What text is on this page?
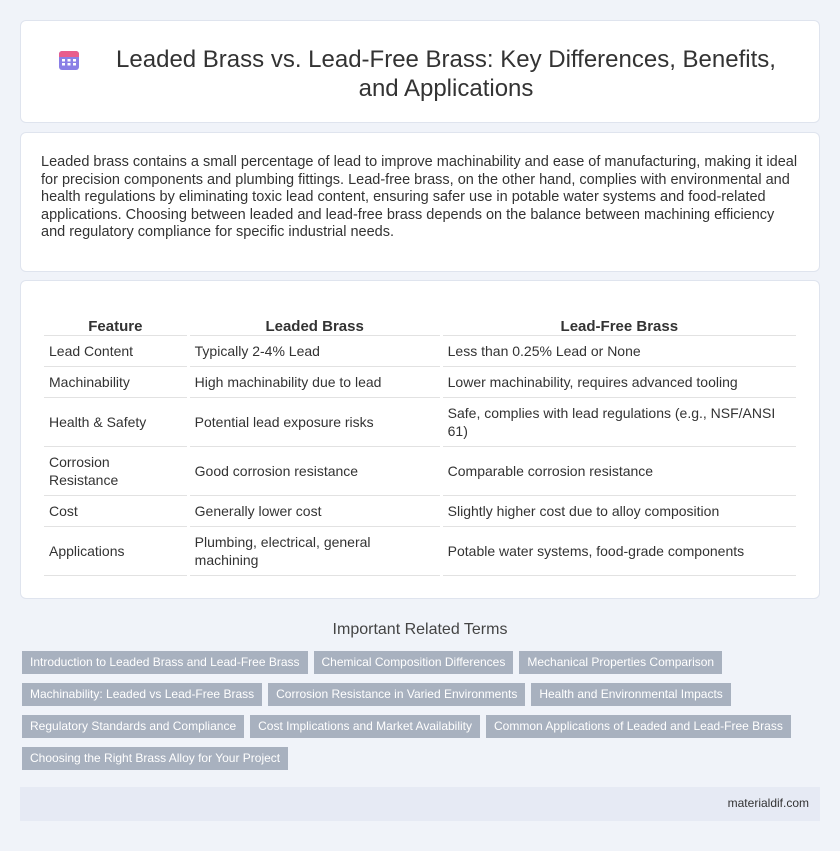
Leaded Brass vs. Lead-Free Brass: Key Differences, Benefits, and Applications

Leaded brass contains a small percentage of lead to improve machinability and ease of manufacturing, making it ideal for precision components and plumbing fittings. Lead-free brass, on the other hand, complies with environmental and health regulations by eliminating toxic lead content, ensuring safer use in potable water systems and food-related applications. Choosing between leaded and lead-free brass depends on the balance between machining efficiency and regulatory compliance for specific industrial needs.

Feature	Leaded Brass	Lead-Free Brass
Lead Content	Typically 2-4% Lead	Less than 0.25% Lead or None
Machinability	High machinability due to lead	Lower machinability, requires advanced tooling
Health & Safety	Potential lead exposure risks	Safe, complies with lead regulations (e.g., NSF/ANSI 61)
Corrosion Resistance	Good corrosion resistance	Comparable corrosion resistance
Cost	Generally lower cost	Slightly higher cost due to alloy composition
Applications	Plumbing, electrical, general machining	Potable water systems, food-grade components
Important Related Terms
Introduction to Leaded Brass and Lead-Free Brass	Chemical Composition Differences	Mechanical Properties Comparison
Machinability: Leaded vs Lead-Free Brass	Corrosion Resistance in Varied Environments	Health and Environmental Impacts
Regulatory Standards and Compliance	Cost Implications and Market Availability	Common Applications of Leaded and Lead-Free Brass
Choosing the Right Brass Alloy for Your Project
materialdif.com
